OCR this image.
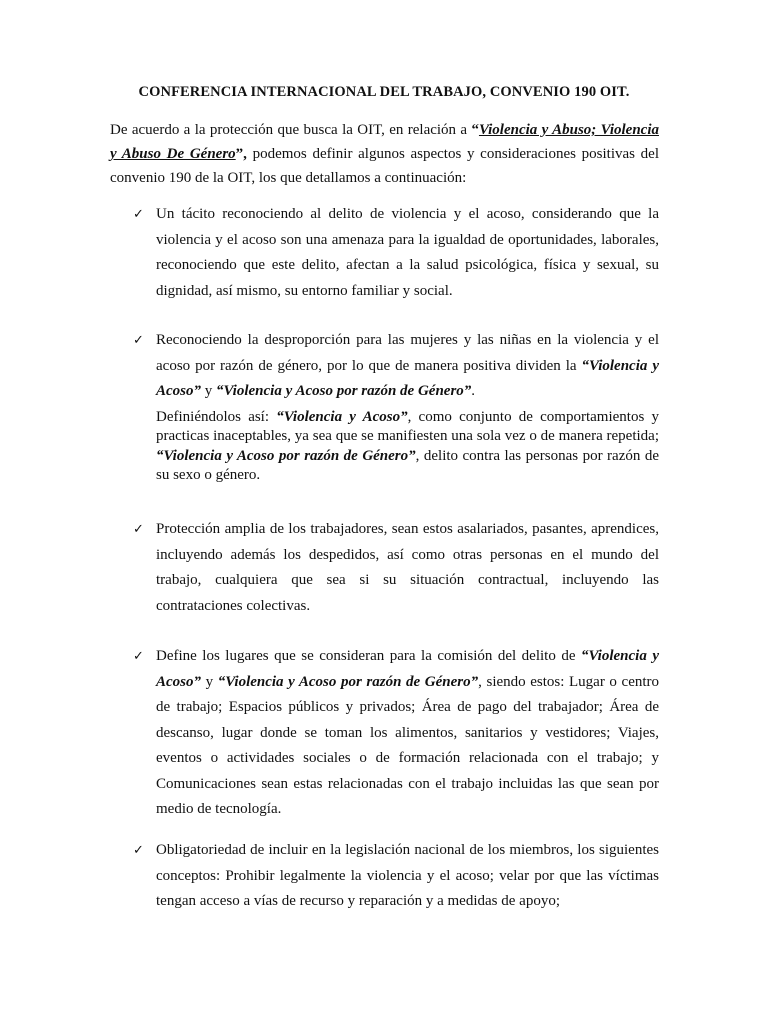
CONFERENCIA INTERNACIONAL DEL TRABAJO, CONVENIO 190 OIT.
De acuerdo a la protección que busca la OIT, en relación a “Violencia y Abuso; Violencia y Abuso De Género”, podemos definir algunos aspectos y consideraciones positivas del convenio 190 de la OIT, los que detallamos a continuación:
✓ Un tácito reconociendo al delito de violencia y el acoso, considerando que la violencia y el acoso son una amenaza para la igualdad de oportunidades, laborales, reconociendo que este delito, afectan a la salud psicológica, física y sexual, su dignidad, así mismo, su entorno familiar y social.
✓ Reconociendo la desproporción para las mujeres y las niñas en la violencia y el acoso por razón de género, por lo que de manera positiva dividen la “Violencia y Acoso” y “Violencia y Acoso por razón de Género”.
Definiéndolos así: “Violencia y Acoso”, como conjunto de comportamientos y practicas inaceptables, ya sea que se manifiesten una sola vez o de manera repetida; “Violencia y Acoso por razón de Género”, delito contra las personas por razón de su sexo o género.
✓ Protección amplia de los trabajadores, sean estos asalariados, pasantes, aprendices, incluyendo además los despedidos, así como otras personas en el mundo del trabajo, cualquiera que sea si su situación contractual, incluyendo las contrataciones colectivas.
✓ Define los lugares que se consideran para la comisión del delito de “Violencia y Acoso” y “Violencia y Acoso por razón de Género”, siendo estos: Lugar o centro de trabajo; Espacios públicos y privados; Área de pago del trabajador; Área de descanso, lugar donde se toman los alimentos, sanitarios y vestidores; Viajes, eventos o actividades sociales o de formación relacionada con el trabajo; y Comunicaciones sean estas relacionadas con el trabajo incluidas las que sean por medio de tecnología.
✓ Obligatoriedad de incluir en la legislación nacional de los miembros, los siguientes conceptos: Prohibir legalmente la violencia y el acoso; velar por que las víctimas tengan acceso a vías de recurso y reparación y a medidas de apoyo;
